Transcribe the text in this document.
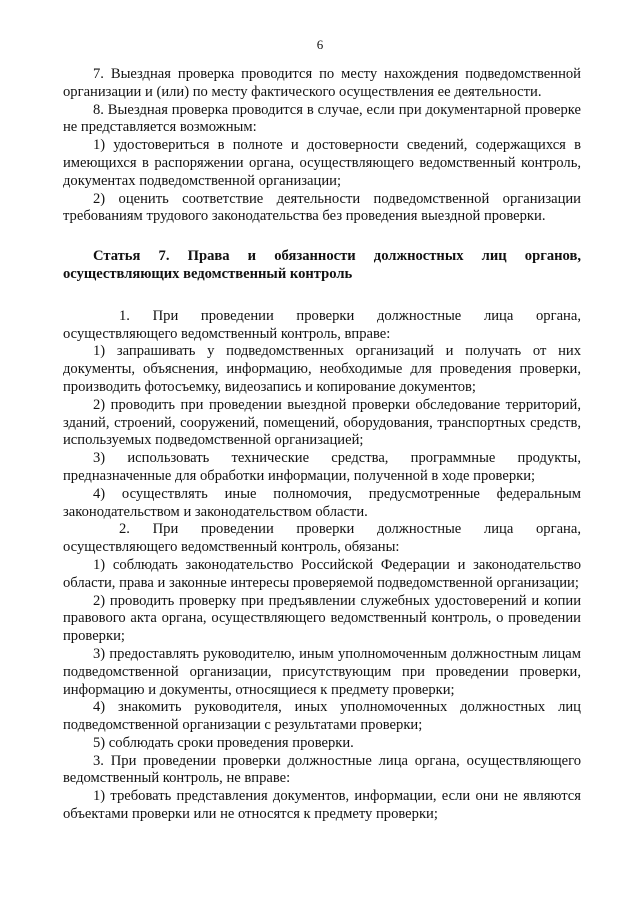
6

7. Выездная проверка проводится по месту нахождения подведомственной организации и (или) по месту фактического осуществления ее деятельности.

8. Выездная проверка проводится в случае, если при документарной проверке не представляется возможным:

1) удостовериться в полноте и достоверности сведений, содержащихся в имеющихся в распоряжении органа, осуществляющего ведомственный контроль, документах подведомственной организации;

2) оценить соответствие деятельности подведомственной организации требованиям трудового законодательства без проведения выездной проверки.

Статья 7. Права и обязанности должностных лиц органов, осуществляющих ведомственный контроль

1. При проведении проверки должностные лица органа, осуществляющего ведомственный контроль, вправе:

1) запрашивать у подведомственных организаций и получать от них документы, объяснения, информацию, необходимые для проведения проверки, производить фотосъемку, видеозапись и копирование документов;

2) проводить при проведении выездной проверки обследование территорий, зданий, строений, сооружений, помещений, оборудования, транспортных средств, используемых подведомственной организацией;

3) использовать технические средства, программные продукты, предназначенные для обработки информации, полученной в ходе проверки;

4) осуществлять иные полномочия, предусмотренные федеральным законодательством и законодательством области.

2. При проведении проверки должностные лица органа, осуществляющего ведомственный контроль, обязаны:

1) соблюдать законодательство Российской Федерации и законодательство области, права и законные интересы проверяемой подведомственной организации;

2) проводить проверку при предъявлении служебных удостоверений и копии правового акта органа, осуществляющего ведомственный контроль, о проведении проверки;

3) предоставлять руководителю, иным уполномоченным должностным лицам подведомственной организации, присутствующим при проведении проверки, информацию и документы, относящиеся к предмету проверки;

4) знакомить руководителя, иных уполномоченных должностных лиц подведомственной организации с результатами проверки;

5) соблюдать сроки проведения проверки.

3. При проведении проверки должностные лица органа, осуществляющего ведомственный контроль, не вправе:

1) требовать представления документов, информации, если они не являются объектами проверки или не относятся к предмету проверки;
